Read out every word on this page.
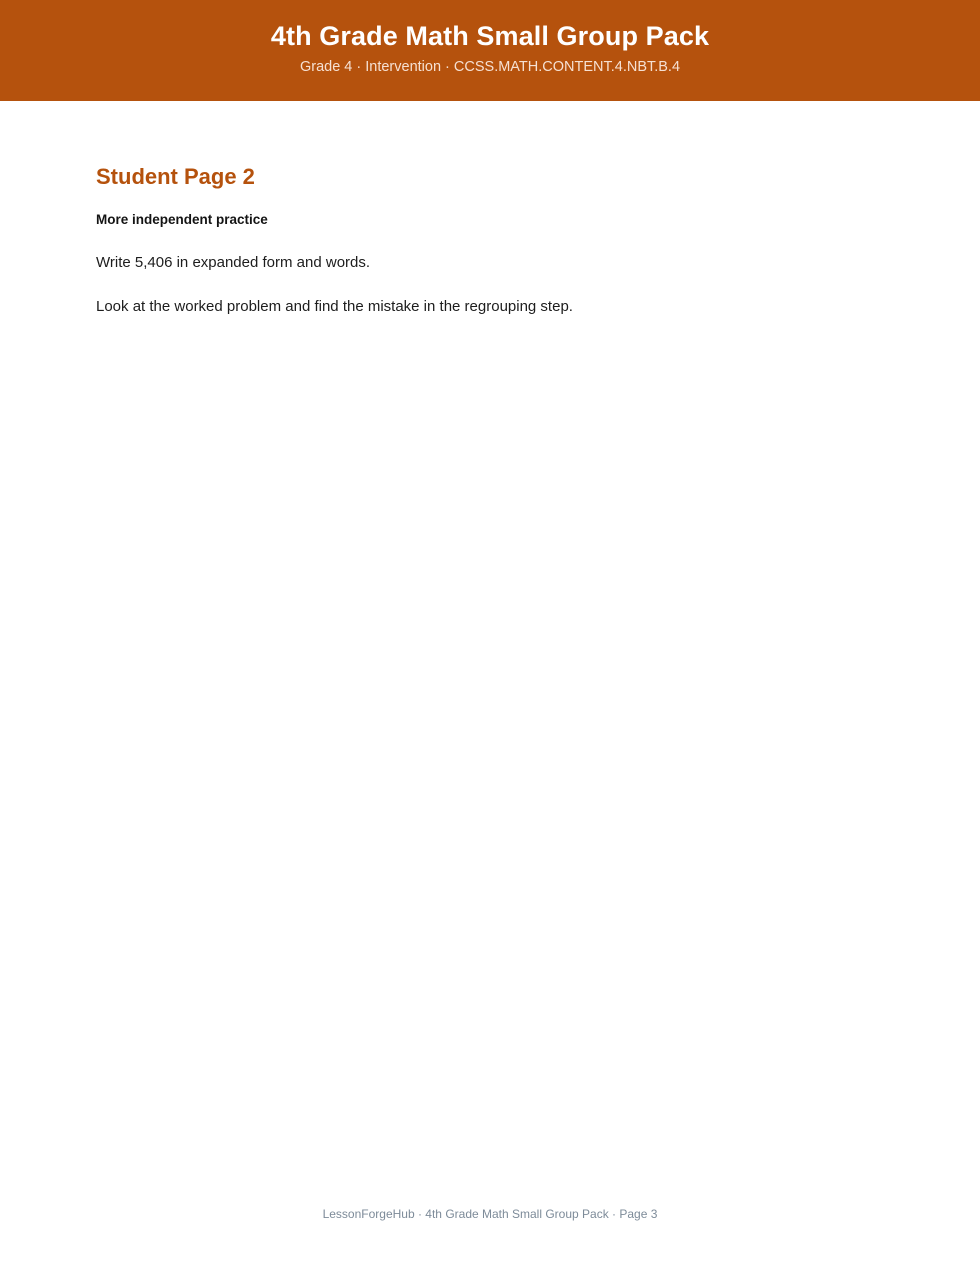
4th Grade Math Small Group Pack

Grade 4 · Intervention · CCSS.MATH.CONTENT.4.NBT.B.4

Student Page 2
More independent practice
Write 5,406 in expanded form and words.
Look at the worked problem and find the mistake in the regrouping step.
LessonForgeHub · 4th Grade Math Small Group Pack · Page 3
